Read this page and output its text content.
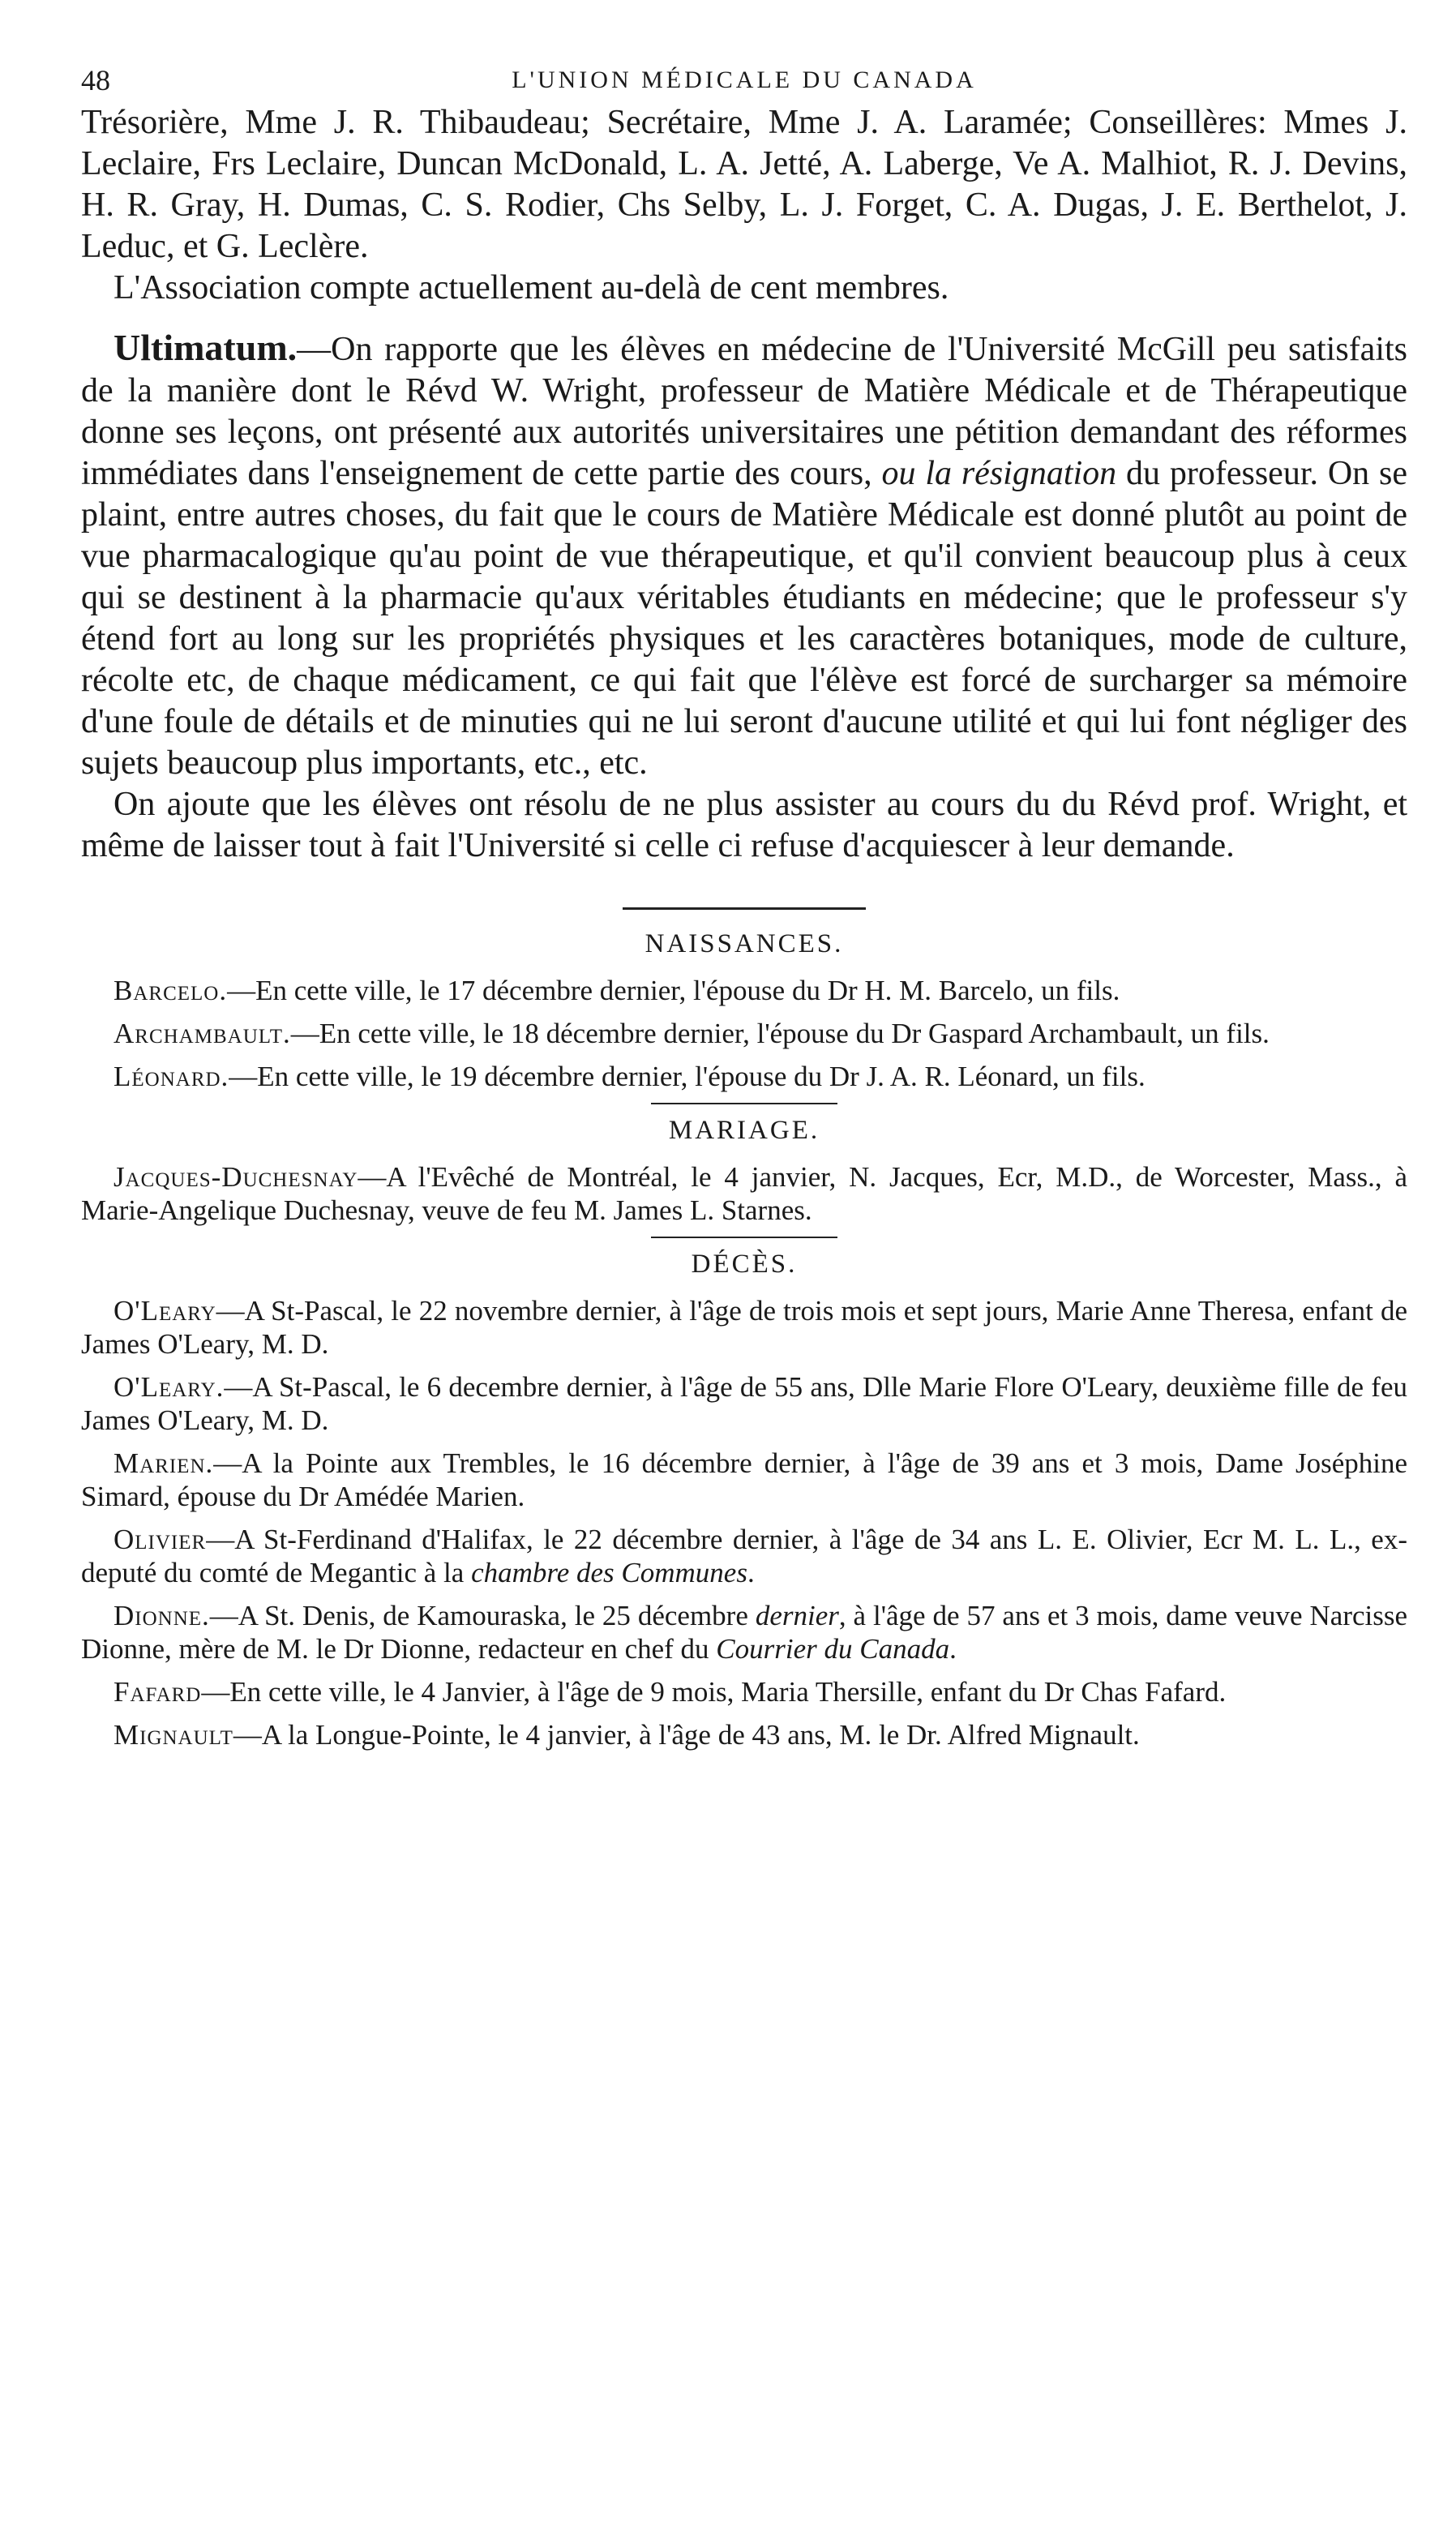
48	L'UNION MÉDICALE DU CANADA

Trésorière, Mme J. R. Thibaudeau; Secrétaire, Mme J. A. Laramée; Conseillères: Mmes J. Leclaire, Frs Leclaire, Duncan McDonald, L. A. Jetté, A. Laberge, Ve A. Malhiot, R. J. Devins, H. R. Gray, H. Dumas, C. S. Rodier, Chs Selby, L. J. Forget, C. A. Dugas, J. E. Berthelot, J. Leduc, et G. Leclère.

L'Association compte actuellement au-delà de cent membres.

Ultimatum.—On rapporte que les élèves en médecine de l'Université McGill peu satisfaits de la manière dont le Révd W. Wright, professeur de Matière Médicale et de Thérapeutique donne ses leçons, ont présenté aux autorités universitaires une pétition demandant des réformes immédiates dans l'enseignement de cette partie des cours, ou la résignation du professeur. On se plaint, entre autres choses, du fait que le cours de Matière Médicale est donné plutôt au point de vue pharmacalogique qu'au point de vue thérapeutique, et qu'il convient beaucoup plus à ceux qui se destinent à la pharmacie qu'aux véritables étudiants en médecine; que le professeur s'y étend fort au long sur les propriétés physiques et les caractères botaniques, mode de culture, récolte etc, de chaque médicament, ce qui fait que l'élève est forcé de surcharger sa mémoire d'une foule de détails et de minuties qui ne lui seront d'aucune utilité et qui lui font négliger des sujets beaucoup plus importants, etc., etc.

On ajoute que les élèves ont résolu de ne plus assister au cours du du Révd prof. Wright, et même de laisser tout à fait l'Université si celle ci refuse d'acquiescer à leur demande.

NAISSANCES.

Barcelo.—En cette ville, le 17 décembre dernier, l'épouse du Dr H. M. Barcelo, un fils.

Archambault.—En cette ville, le 18 décembre dernier, l'épouse du Dr Gaspard Archambault, un fils.

Léonard.—En cette ville, le 19 décembre dernier, l'épouse du Dr J. A. R. Léonard, un fils.

MARIAGE.

Jacques-Duchesnay—A l'Evêché de Montréal, le 4 janvier, N. Jacques, Ecr, M.D., de Worcester, Mass., à Marie-Angelique Duchesnay, veuve de feu M. James L. Starnes.

DÉCÈS.

O'Leary—A St-Pascal, le 22 novembre dernier, à l'âge de trois mois et sept jours, Marie Anne Theresa, enfant de James O'Leary, M. D.

O'Leary.—A St-Pascal, le 6 decembre dernier, à l'âge de 55 ans, Dlle Marie Flore O'Leary, deuxième fille de feu James O'Leary, M. D.

Marien.—A la Pointe aux Trembles, le 16 décembre dernier, à l'âge de 39 ans et 3 mois, Dame Joséphine Simard, épouse du Dr Amédée Marien.

Olivier—A St-Ferdinand d'Halifax, le 22 décembre dernier, à l'âge de 34 ans L. E. Olivier, Ecr M. L. L., ex-deputé du comté de Megantic à la chambre des Communes.

Dionne.—A St. Denis, de Kamouraska, le 25 décembre dernier, à l'âge de 57 ans et 3 mois, dame veuve Narcisse Dionne, mère de M. le Dr Dionne, redacteur en chef du Courrier du Canada.

Fafard—En cette ville, le 4 Janvier, à l'âge de 9 mois, Maria Thersille, enfant du Dr Chas Fafard.

Mignault—A la Longue-Pointe, le 4 janvier, à l'âge de 43 ans, M. le Dr. Alfred Mignault.
